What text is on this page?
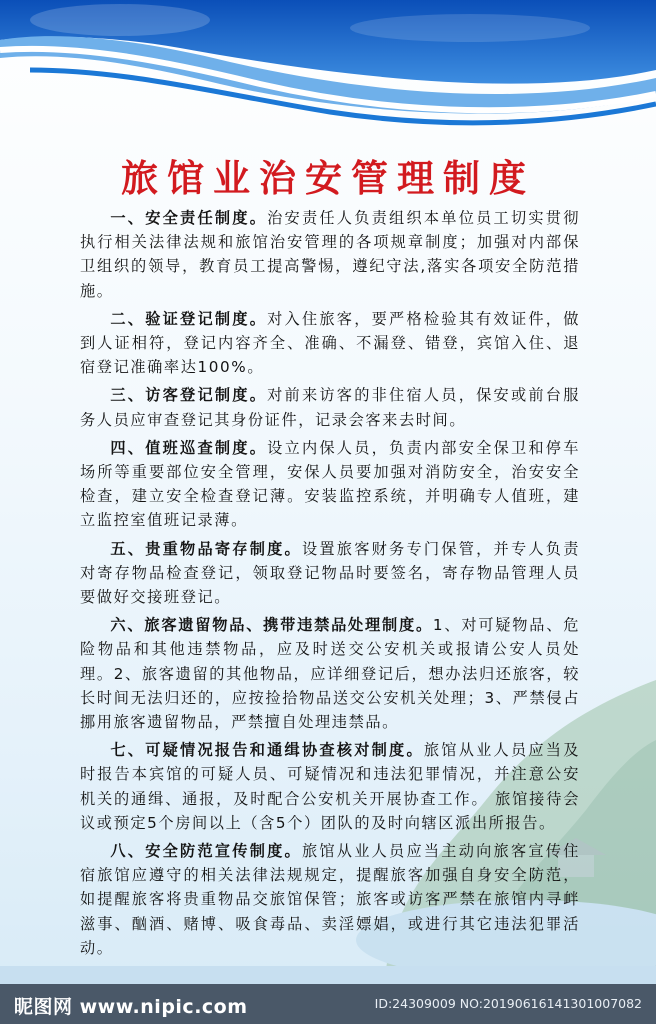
旅馆业治安管理制度

一、安全责任制度。治安责任人负责组织本单位员工切实贯彻执行相关法律法规和旅馆治安管理的各项规章制度；加强对内部保卫组织的领导，教育员工提高警惕，遵纪守法,落实各项安全防范措施。

二、验证登记制度。对入住旅客，要严格检验其有效证件，做到人证相符，登记内容齐全、准确、不漏登、错登，宾馆入住、退宿登记准确率达100%。

三、访客登记制度。对前来访客的非住宿人员，保安或前台服务人员应审查登记其身份证件，记录会客来去时间。

四、值班巡查制度。设立内保人员，负责内部安全保卫和停车场所等重要部位安全管理，安保人员要加强对消防安全，治安安全检查，建立安全检查登记薄。安装监控系统，并明确专人值班，建立监控室值班记录薄。

五、贵重物品寄存制度。设置旅客财务专门保管，并专人负责对寄存物品检查登记，领取登记物品时要签名，寄存物品管理人员要做好交接班登记。

六、旅客遗留物品、携带违禁品处理制度。1、对可疑物品、危险物品和其他违禁物品，应及时送交公安机关或报请公安人员处理。2、旅客遗留的其他物品，应详细登记后，想办法归还旅客，较长时间无法归还的，应按捡拾物品送交公安机关处理；3、严禁侵占挪用旅客遗留物品，严禁擅自处理违禁品。

七、可疑情况报告和通缉协查核对制度。旅馆从业人员应当及时报告本宾馆的可疑人员、可疑情况和违法犯罪情况，并注意公安机关的通缉、通报，及时配合公安机关开展协查工作。 旅馆接待会议或预定5个房间以上（含5个）团队的及时向辖区派出所报告。

八、安全防范宣传制度。旅馆从业人员应当主动向旅客宣传住宿旅馆应遵守的相关法律法规规定，提醒旅客加强自身安全防范，如提醒旅客将贵重物品交旅馆保管；旅客或访客严禁在旅馆内寻衅滋事、酗酒、赌博、吸食毒品、卖淫嫖娼，或进行其它违法犯罪活动。

昵图网 www.nipic.com	ID:24309009 NO:20190616141301007082
